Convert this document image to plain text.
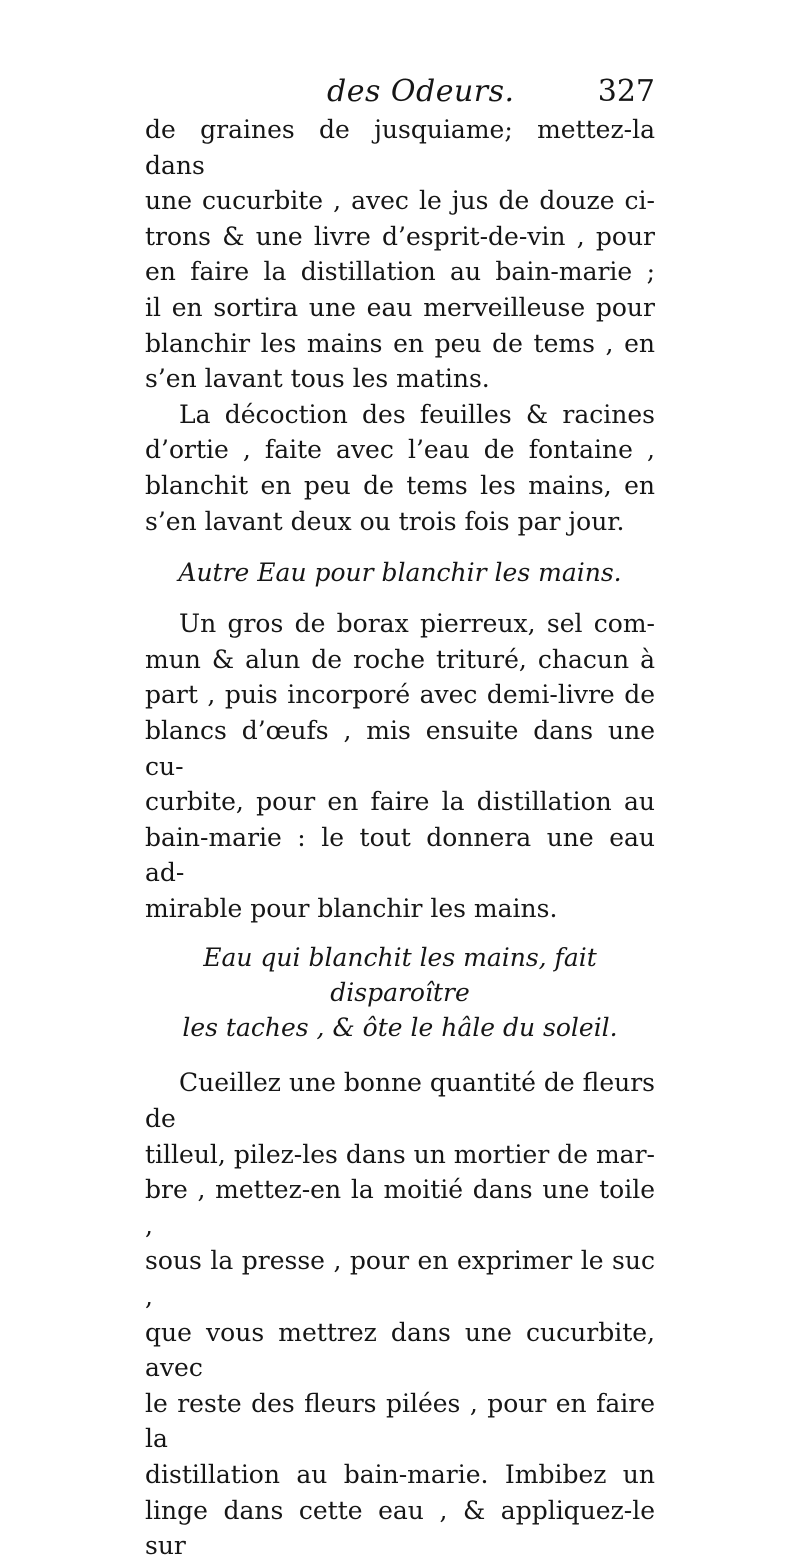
des Odeurs.	327

de graines de jusquiame; mettez-la dans
une cucurbite , avec le jus de douze ci-
trons & une livre d’esprit-de-vin , pour
en faire la distillation au bain-marie ;
il en sortira une eau merveilleuse pour
blanchir les mains en peu de tems , en
s’en lavant tous les matins.

La décoction des feuilles & racines
d’ortie , faite avec l’eau de fontaine ,
blanchit en peu de tems les mains, en
s’en lavant deux ou trois fois par jour.

Autre Eau pour blanchir les mains.

Un gros de borax pierreux, sel com-
mun & alun de roche trituré, chacun à
part , puis incorporé avec demi-livre de
blancs d’œufs , mis ensuite dans une cu-
curbite, pour en faire la distillation au
bain-marie : le tout donnera une eau ad-
mirable pour blanchir les mains.

Eau qui blanchit les mains, fait disparoître
les taches , & ôte le hâle du soleil.

Cueillez une bonne quantité de fleurs de
tilleul, pilez-les dans un mortier de mar-
bre , mettez-en la moitié dans une toile ,
sous la presse , pour en exprimer le suc ,
que vous mettrez dans une cucurbite, avec
le reste des fleurs pilées , pour en faire la
distillation au bain-marie. Imbibez un
linge dans cette eau , & appliquez-le sur
